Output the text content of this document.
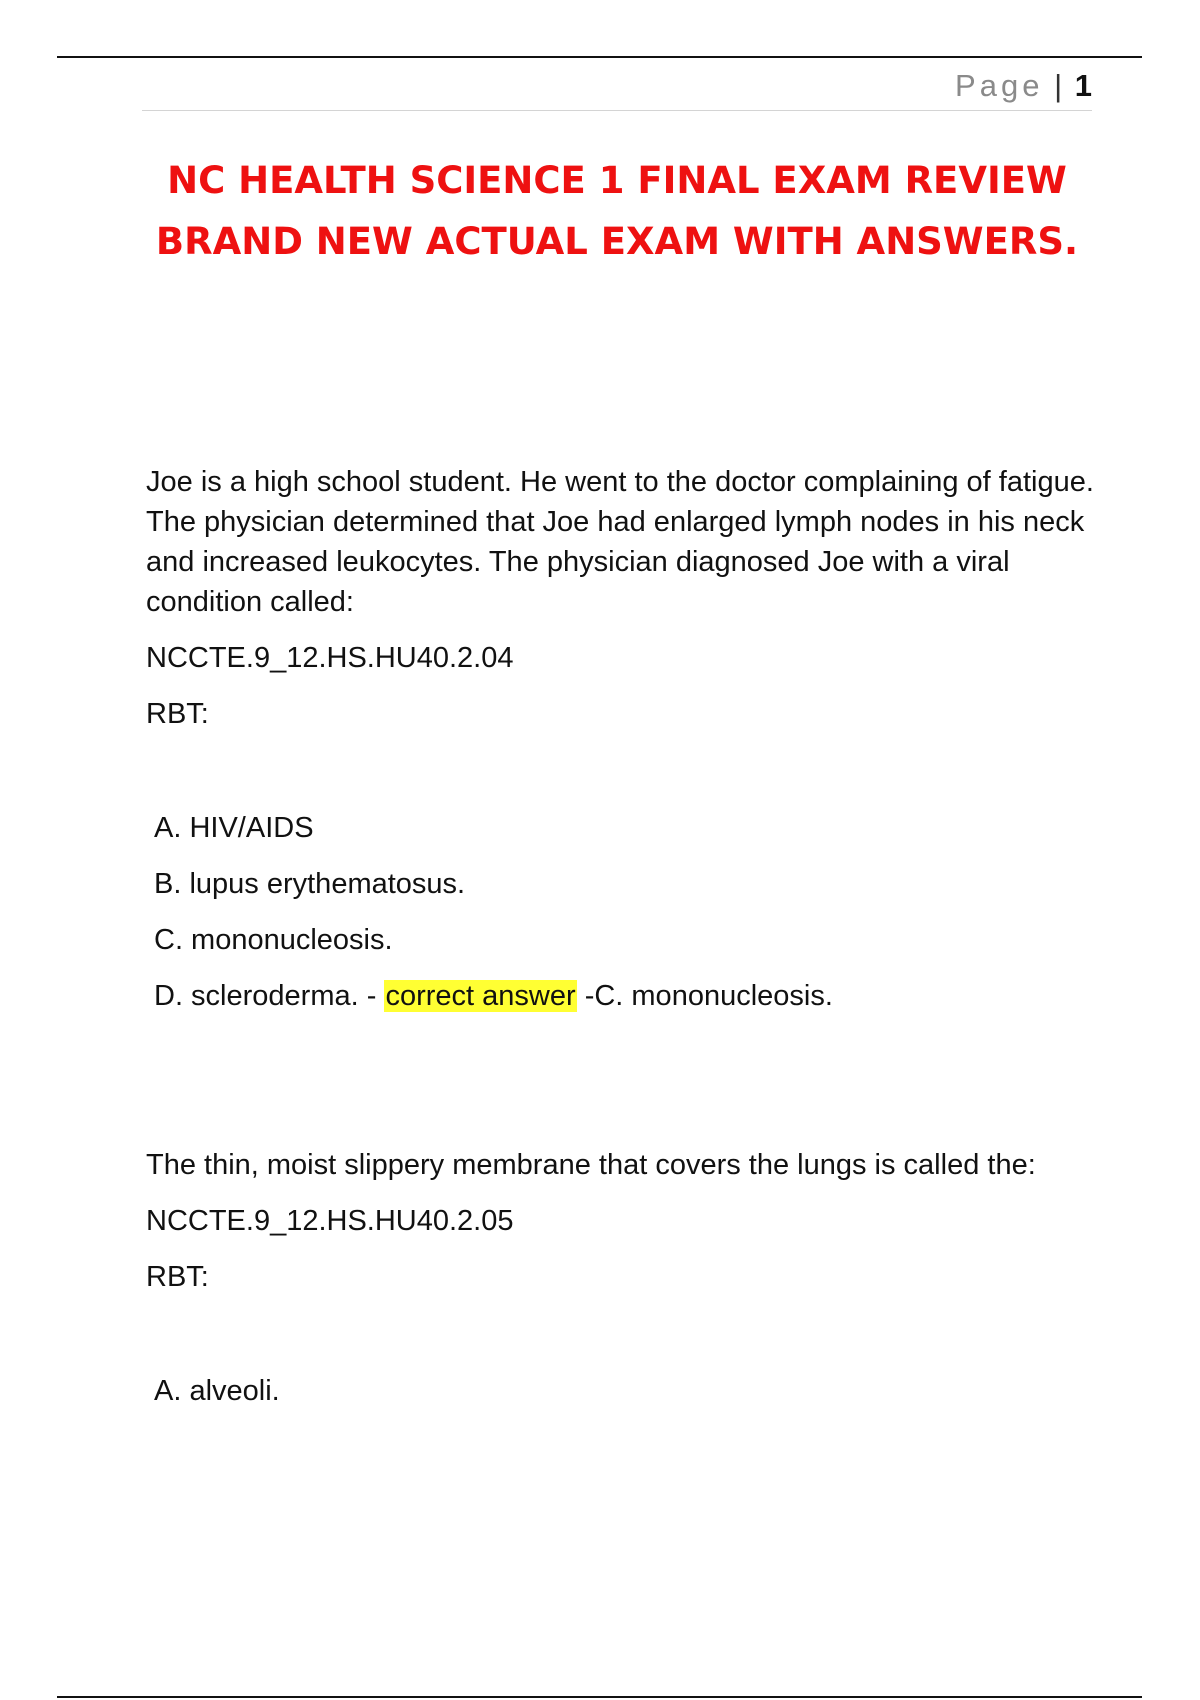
Page | 1
NC HEALTH SCIENCE 1 FINAL EXAM REVIEW BRAND NEW ACTUAL EXAM WITH ANSWERS.

Joe is a high school student. He went to the doctor complaining of fatigue. The physician determined that Joe had enlarged lymph nodes in his neck and increased leukocytes. The physician diagnosed Joe with a viral condition called:

NCCTE.9_12.HS.HU40.2.04

RBT:

A. HIV/AIDS
B. lupus erythematosus.
C. mononucleosis.
D. scleroderma. - correct answer -C. mononucleosis.

The thin, moist slippery membrane that covers the lungs is called the:

NCCTE.9_12.HS.HU40.2.05

RBT:

A. alveoli.
